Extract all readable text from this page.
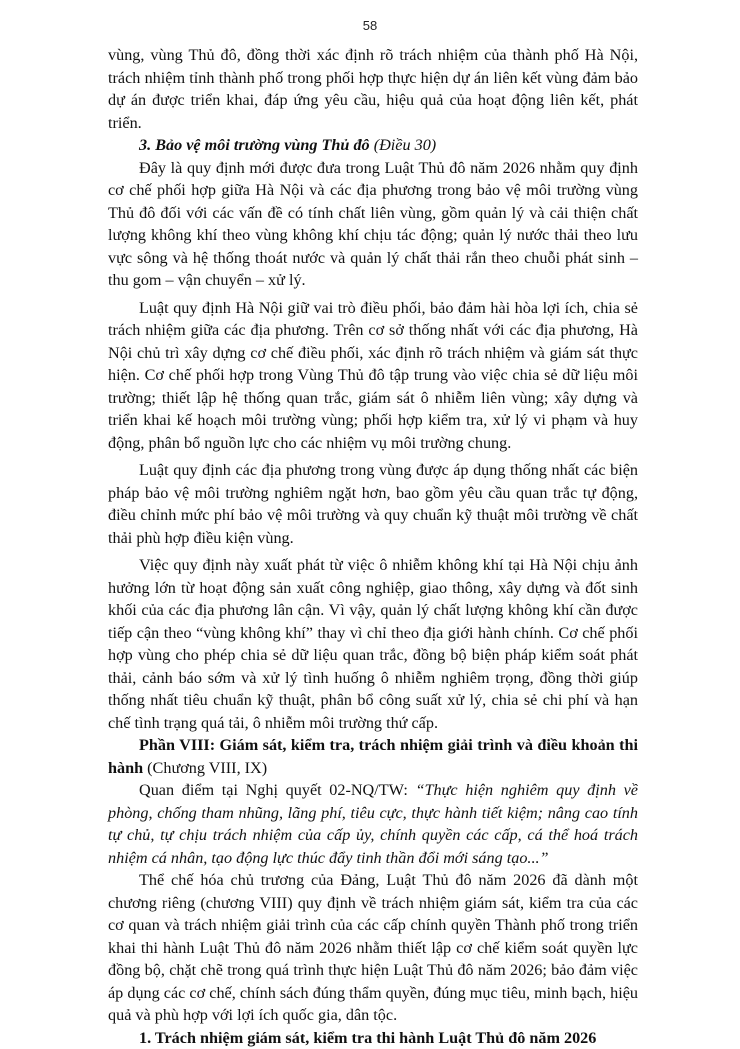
58

vùng, vùng Thủ đô, đồng thời xác định rõ trách nhiệm của thành phố Hà Nội, trách nhiệm tỉnh thành phố trong phối hợp thực hiện dự án liên kết vùng đảm bảo dự án được triển khai, đáp ứng yêu cầu, hiệu quả của hoạt động liên kết, phát triển.

3. Bảo vệ môi trường vùng Thủ đô (Điều 30)

Đây là quy định mới được đưa trong Luật Thủ đô năm 2026 nhằm quy định cơ chế phối hợp giữa Hà Nội và các địa phương trong bảo vệ môi trường vùng Thủ đô đối với các vấn đề có tính chất liên vùng, gồm quản lý và cải thiện chất lượng không khí theo vùng không khí chịu tác động; quản lý nước thải theo lưu vực sông và hệ thống thoát nước và quản lý chất thải rắn theo chuỗi phát sinh – thu gom – vận chuyển – xử lý.

Luật quy định Hà Nội giữ vai trò điều phối, bảo đảm hài hòa lợi ích, chia sẻ trách nhiệm giữa các địa phương. Trên cơ sở thống nhất với các địa phương, Hà Nội chủ trì xây dựng cơ chế điều phối, xác định rõ trách nhiệm và giám sát thực hiện. Cơ chế phối hợp trong Vùng Thủ đô tập trung vào việc chia sẻ dữ liệu môi trường; thiết lập hệ thống quan trắc, giám sát ô nhiễm liên vùng; xây dựng và triển khai kế hoạch môi trường vùng; phối hợp kiểm tra, xử lý vi phạm và huy động, phân bổ nguồn lực cho các nhiệm vụ môi trường chung.

Luật quy định các địa phương trong vùng được áp dụng thống nhất các biện pháp bảo vệ môi trường nghiêm ngặt hơn, bao gồm yêu cầu quan trắc tự động, điều chỉnh mức phí bảo vệ môi trường và quy chuẩn kỹ thuật môi trường về chất thải phù hợp điều kiện vùng.

Việc quy định này xuất phát từ việc ô nhiễm không khí tại Hà Nội chịu ảnh hưởng lớn từ hoạt động sản xuất công nghiệp, giao thông, xây dựng và đốt sinh khối của các địa phương lân cận. Vì vậy, quản lý chất lượng không khí cần được tiếp cận theo “vùng không khí” thay vì chỉ theo địa giới hành chính. Cơ chế phối hợp vùng cho phép chia sẻ dữ liệu quan trắc, đồng bộ biện pháp kiểm soát phát thải, cảnh báo sớm và xử lý tình huống ô nhiễm nghiêm trọng, đồng thời giúp thống nhất tiêu chuẩn kỹ thuật, phân bổ công suất xử lý, chia sẻ chi phí và hạn chế tình trạng quá tải, ô nhiễm môi trường thứ cấp.

Phần VIII: Giám sát, kiểm tra, trách nhiệm giải trình và điều khoản thi hành (Chương VIII, IX)

Quan điểm tại Nghị quyết 02-NQ/TW: “Thực hiện nghiêm quy định về phòng, chống tham nhũng, lãng phí, tiêu cực, thực hành tiết kiệm; nâng cao tính tự chủ, tự chịu trách nhiệm của cấp ủy, chính quyền các cấp, cá thể hoá trách nhiệm cá nhân, tạo động lực thúc đẩy tinh thần đổi mới sáng tạo...”

Thể chế hóa chủ trương của Đảng, Luật Thủ đô năm 2026 đã dành một chương riêng (chương VIII) quy định về trách nhiệm giám sát, kiểm tra của các cơ quan và trách nhiệm giải trình của các cấp chính quyền Thành phố trong triển khai thi hành Luật Thủ đô năm 2026 nhằm thiết lập cơ chế kiểm soát quyền lực đồng bộ, chặt chẽ trong quá trình thực hiện Luật Thủ đô năm 2026; bảo đảm việc áp dụng các cơ chế, chính sách đúng thẩm quyền, đúng mục tiêu, minh bạch, hiệu quả và phù hợp với lợi ích quốc gia, dân tộc.

1. Trách nhiệm giám sát, kiểm tra thi hành Luật Thủ đô năm 2026
